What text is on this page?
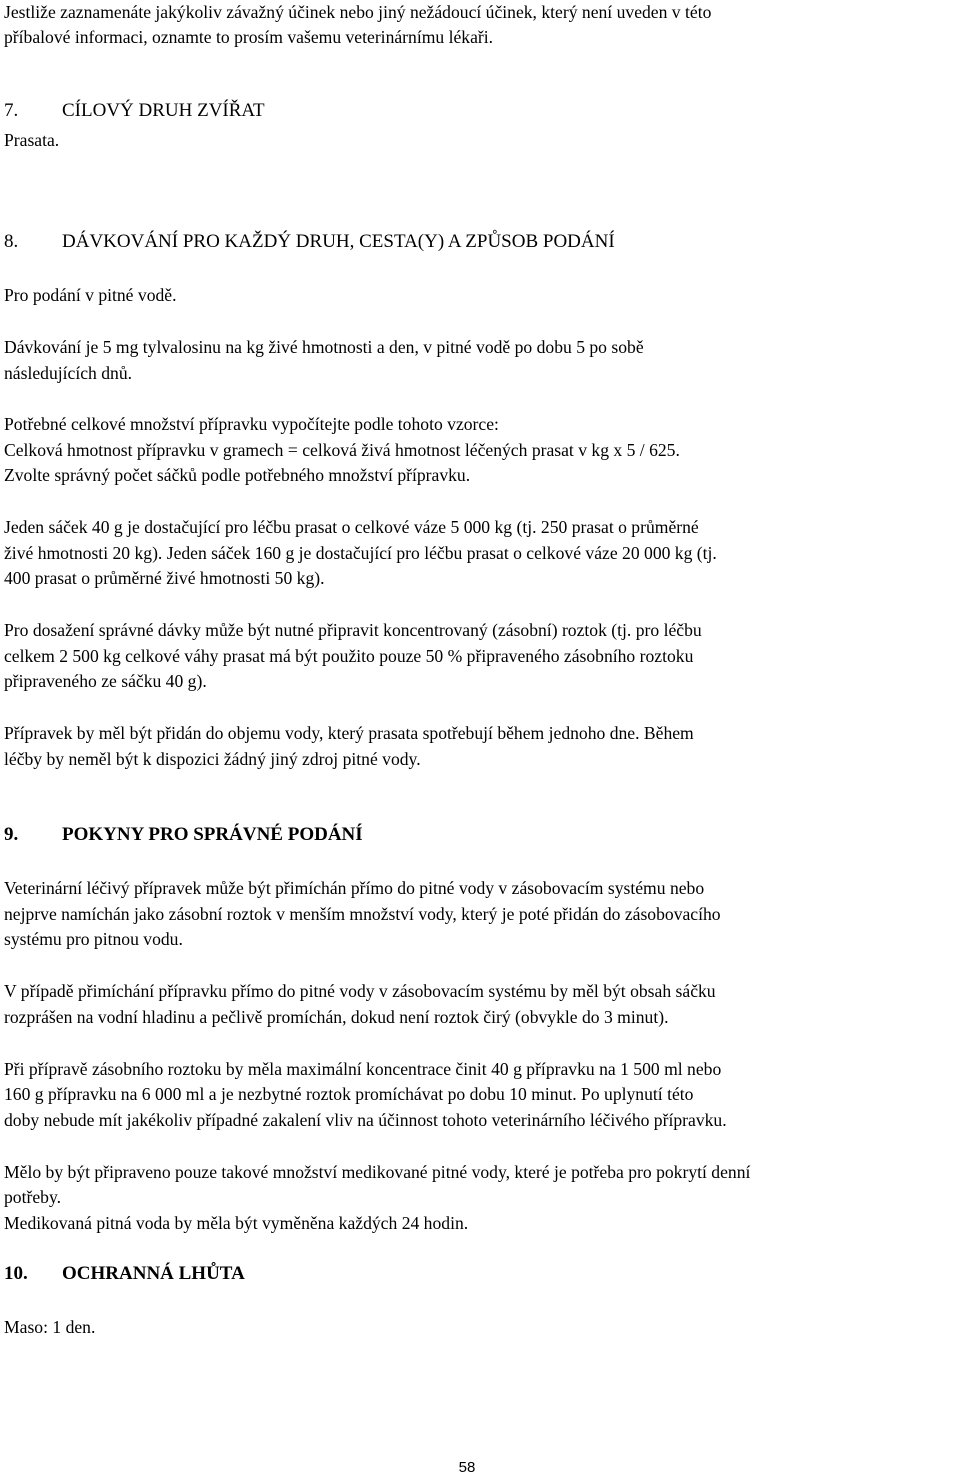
Jestliže zaznamenáte jakýkoliv závažný účinek nebo jiný nežádoucí účinek, který není uveden v této

příbalové informaci, oznamte to prosím vašemu veterinárnímu lékaři.

7. CÍLOVÝ DRUH ZVÍŘAT

Prasata.

8. DÁVKOVÁNÍ PRO KAŽDÝ DRUH, CESTA(Y) A ZPŮSOB PODÁNÍ

Pro podání v pitné vodě.

Dávkování je 5 mg tylvalosinu na kg živé hmotnosti a den, v pitné vodě po dobu 5 po sobě

následujících dnů.

Potřebné celkové množství přípravku vypočítejte podle tohoto vzorce:

Celková hmotnost přípravku v gramech = celková živá hmotnost léčených prasat v kg x 5 / 625.

Zvolte správný počet sáčků podle potřebného množství přípravku.

Jeden sáček 40 g je dostačující pro léčbu prasat o celkové váze 5 000 kg (tj. 250 prasat o průměrné

živé hmotnosti 20 kg). Jeden sáček 160 g je dostačující pro léčbu prasat o celkové váze 20 000 kg (tj.

400 prasat o průměrné živé hmotnosti 50 kg).

Pro dosažení správné dávky může být nutné připravit koncentrovaný (zásobní) roztok (tj. pro léčbu

celkem 2 500 kg celkové váhy prasat má být použito pouze 50 % připraveného zásobního roztoku

připraveného ze sáčku 40 g).

Přípravek by měl být přidán do objemu vody, který prasata spotřebují během jednoho dne. Během

léčby by neměl být k dispozici žádný jiný zdroj pitné vody.

9. POKYNY PRO SPRÁVNÉ PODÁNÍ

Veterinární léčivý přípravek může být přimíchán přímo do pitné vody v zásobovacím systému nebo

nejprve namíchán jako zásobní roztok v menším množství vody, který je poté přidán do zásobovacího

systému pro pitnou vodu.

V případě přimíchání přípravku přímo do pitné vody v zásobovacím systému by měl být obsah sáčku

rozprášen na vodní hladinu a pečlivě promíchán, dokud není roztok čirý (obvykle do 3 minut).

Při přípravě zásobního roztoku by měla maximální koncentrace činit 40 g přípravku na 1 500 ml nebo

160 g přípravku na 6 000 ml a je nezbytné roztok promíchávat po dobu 10 minut. Po uplynutí této

doby nebude mít jakékoliv případné zakalení vliv na účinnost tohoto veterinárního léčivého přípravku.

Mělo by být připraveno pouze takové množství medikované pitné vody, které je potřeba pro pokrytí denní

potřeby.

Medikovaná pitná voda by měla být vyměněna každých 24 hodin.

10. OCHRANNÁ LHŮTA

Maso: 1 den.

58
